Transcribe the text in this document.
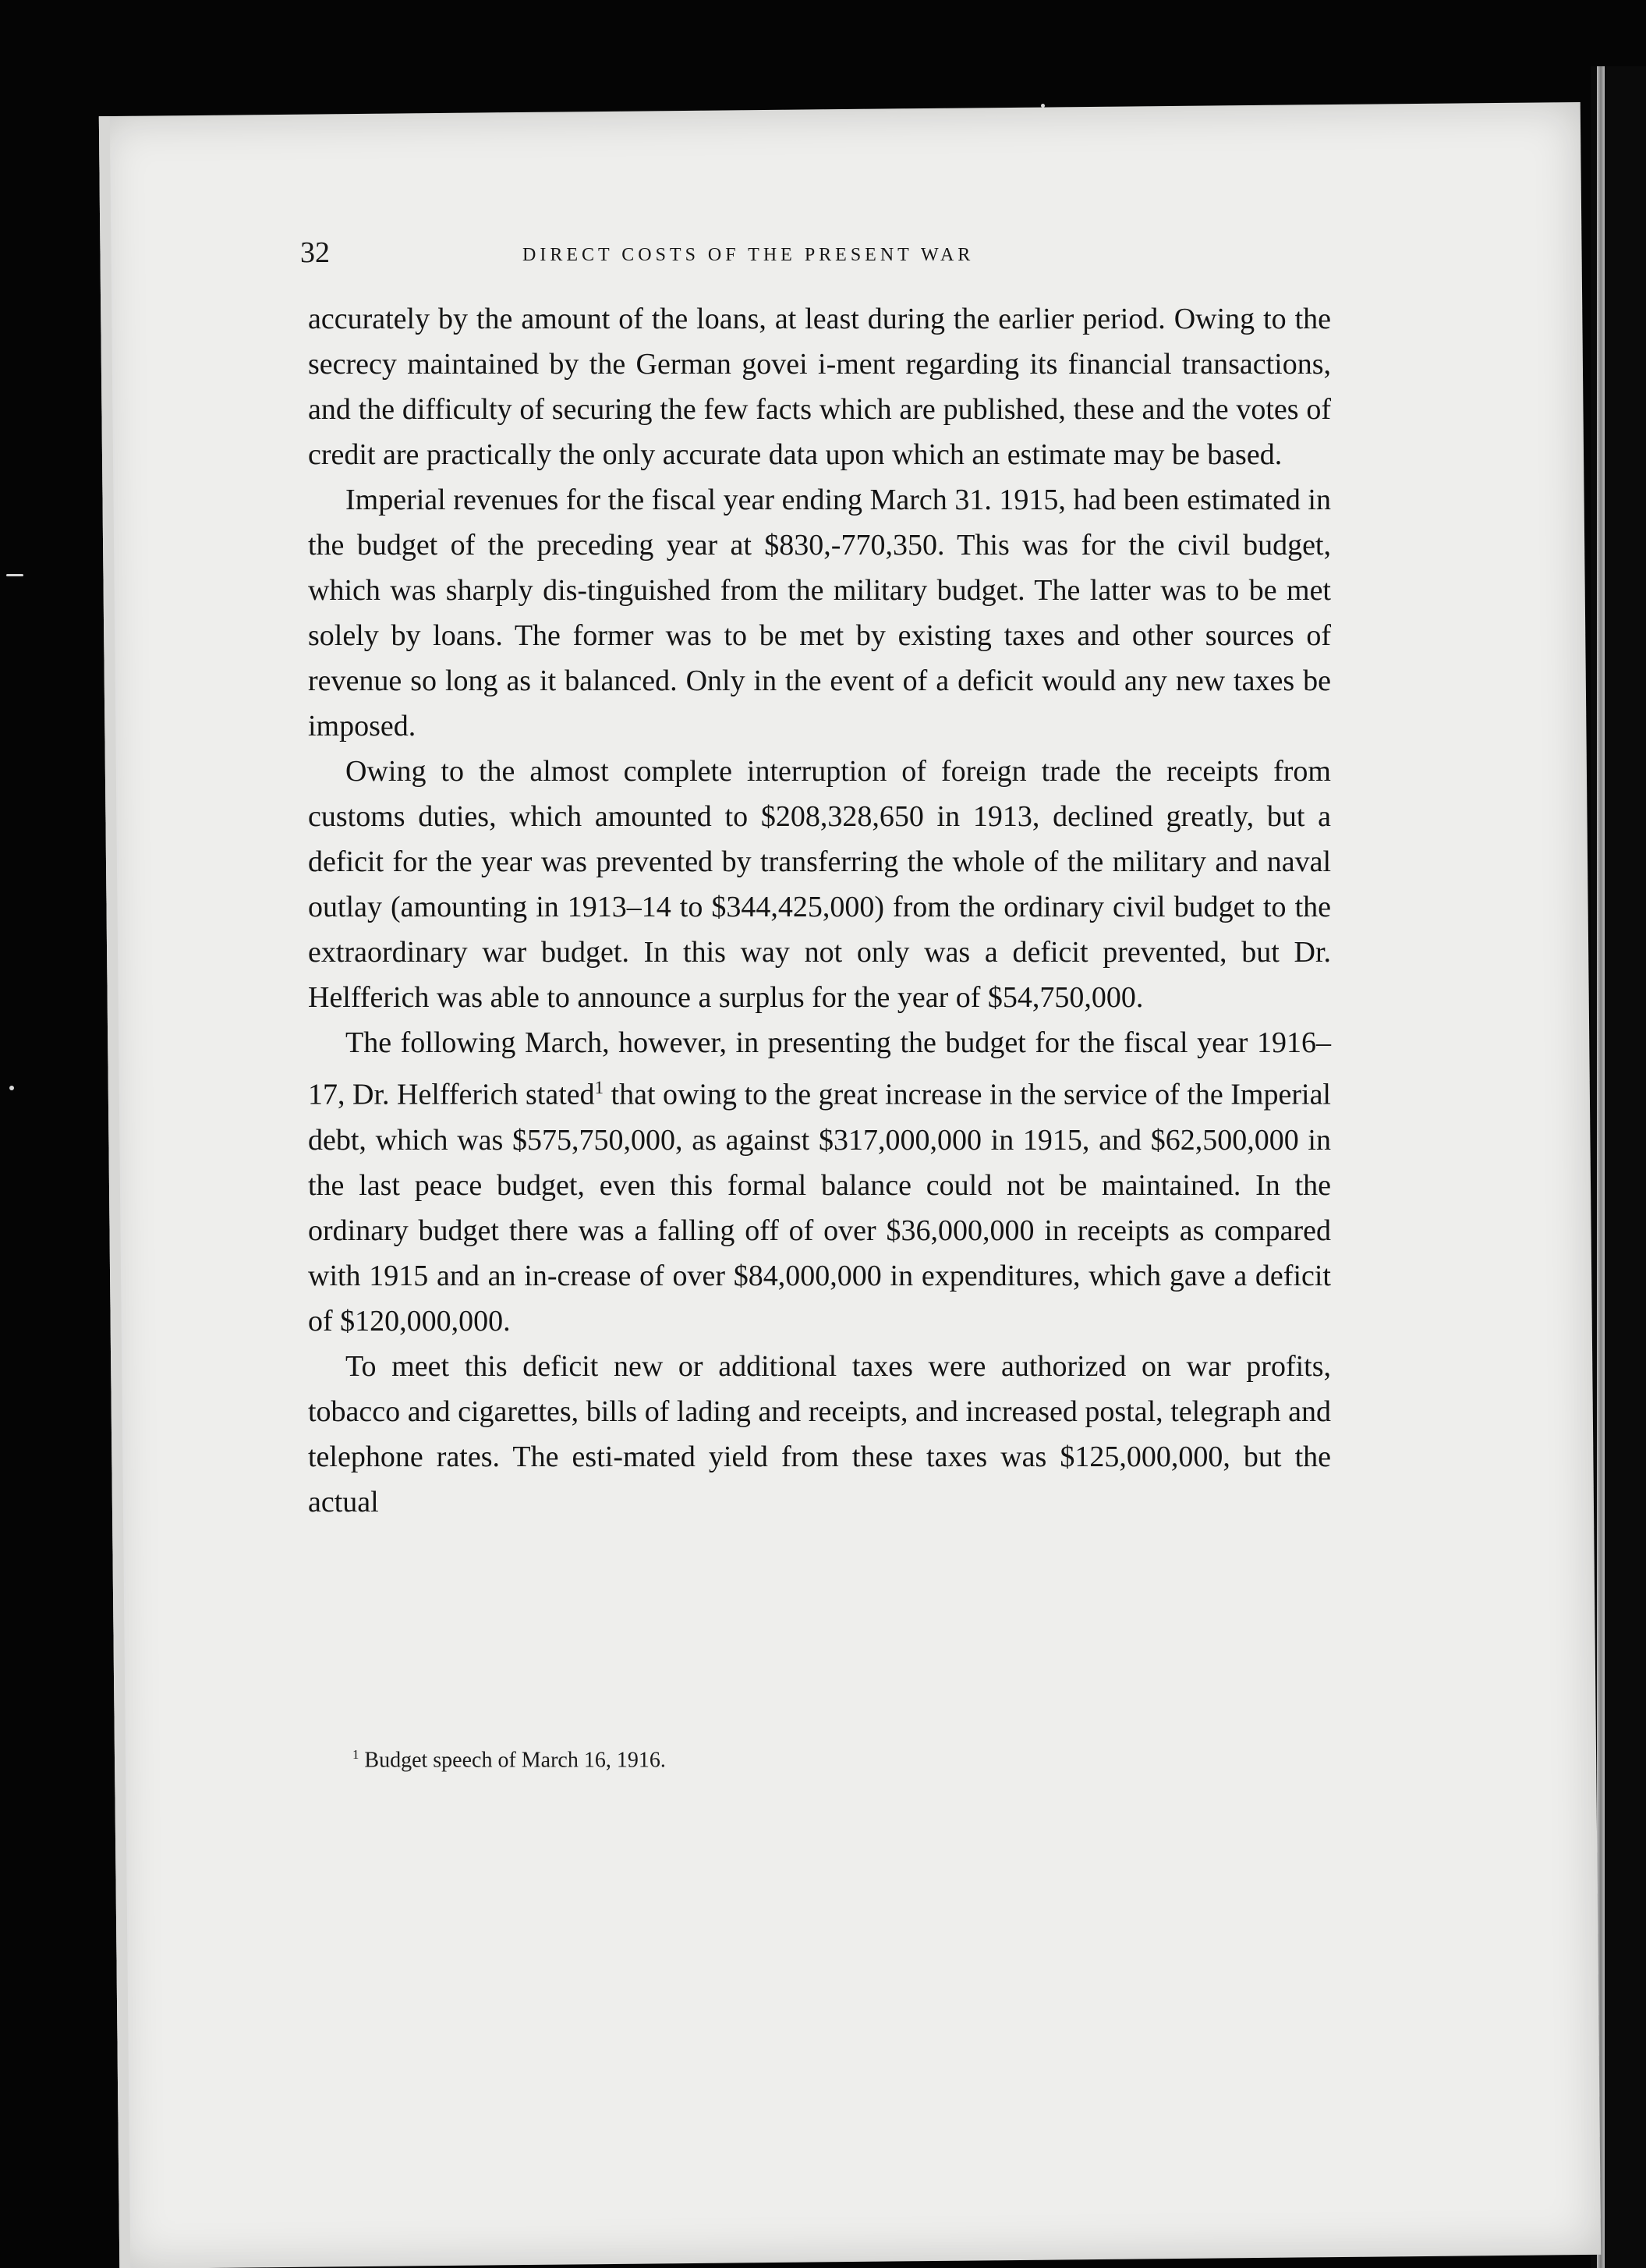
32	DIRECT COSTS OF THE PRESENT WAR

accurately by the amount of the loans, at least during the earlier period. Owing to the secrecy maintained by the German govei i-ment regarding its financial transactions, and the difficulty of securing the few facts which are published, these and the votes of credit are practically the only accurate data upon which an estimate may be based.

Imperial revenues for the fiscal year ending March 31. 1915, had been estimated in the budget of the preceding year at $830,-770,350. This was for the civil budget, which was sharply dis-tinguished from the military budget. The latter was to be met solely by loans. The former was to be met by existing taxes and other sources of revenue so long as it balanced. Only in the event of a deficit would any new taxes be imposed.

Owing to the almost complete interruption of foreign trade the receipts from customs duties, which amounted to $208,328,650 in 1913, declined greatly, but a deficit for the year was prevented by transferring the whole of the military and naval outlay (amounting in 1913–14 to $344,425,000) from the ordinary civil budget to the extraordinary war budget. In this way not only was a deficit prevented, but Dr. Helfferich was able to announce a surplus for the year of $54,750,000.

The following March, however, in presenting the budget for the fiscal year 1916–17, Dr. Helfferich stated$^1$ that owing to the great increase in the service of the Imperial debt, which was $575,750,000, as against $317,000,000 in 1915, and $62,500,000 in the last peace budget, even this formal balance could not be maintained. In the ordinary budget there was a falling off of over $36,000,000 in receipts as compared with 1915 and an in-crease of over $84,000,000 in expenditures, which gave a deficit of $120,000,000.

To meet this deficit new or additional taxes were authorized on war profits, tobacco and cigarettes, bills of lading and receipts, and increased postal, telegraph and telephone rates. The esti-mated yield from these taxes was $125,000,000, but the actual

$^1$ Budget speech of March 16, 1916.
